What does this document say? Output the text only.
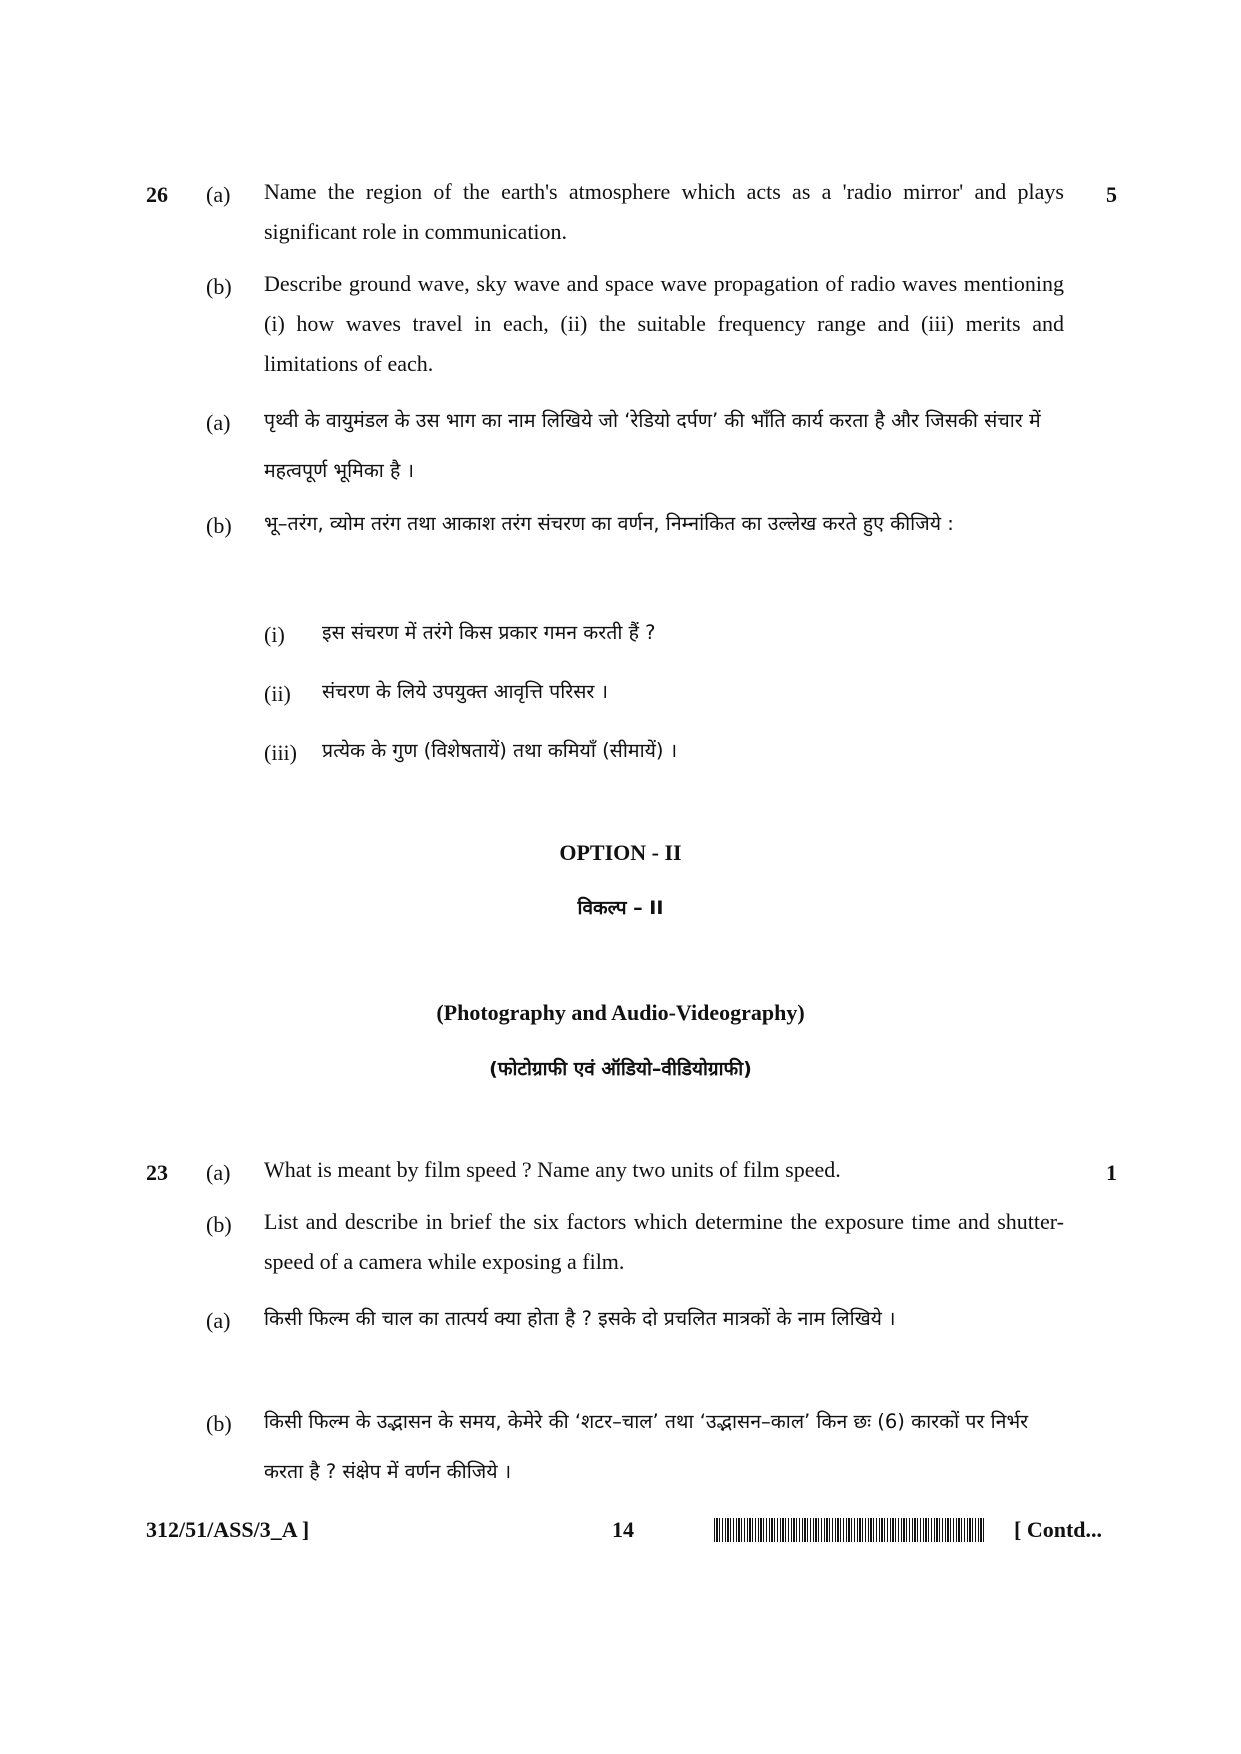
26 (a) Name the region of the earth's atmosphere which acts as a 'radio mirror' and plays significant role in communication.
5
(b) Describe ground wave, sky wave and space wave propagation of radio waves mentioning (i) how waves travel in each, (ii) the suitable frequency range and (iii) merits and limitations of each.
(a) पृथ्वी के वायुमंडल के उस भाग का नाम लिखिये जो ‘रेडियो दर्पण’ की भाँति कार्य करता है और जिसकी संचार में महत्वपूर्ण भूमिका है ।
(b) भू–तरंग, व्योम तरंग तथा आकाश तरंग संचरण का वर्णन, निम्नांकित का उल्लेख करते हुए कीजिये :
(i) इस संचरण में तरंगे किस प्रकार गमन करती हैं ?
(ii) संचरण के लिये उपयुक्त आवृत्ति परिसर ।
(iii) प्रत्येक के गुण (विशेषतायें) तथा कमियाँ (सीमायें) ।
OPTION - II
विकल्प – II
(Photography and Audio-Videography)
(फोटोग्राफी एवं ऑडियो–वीडियोग्राफी)
23 (a) What is meant by film speed ? Name any two units of film speed.	1
(b) List and describe in brief the six factors which determine the exposure time and shutter-speed of a camera while exposing a film.
(a) किसी फिल्म की चाल का तात्पर्य क्या होता है ? इसके दो प्रचलित मात्रकों के नाम लिखिये ।
(b) किसी फिल्म के उद्भासन के समय, केमेरे की ‘शटर–चाल’ तथा ‘उद्भासन–काल’ किन छः (6) कारकों पर निर्भर करता है ? संक्षेप में वर्णन कीजिये ।
312/51/ASS/3_A ]	14	[ Contd...
